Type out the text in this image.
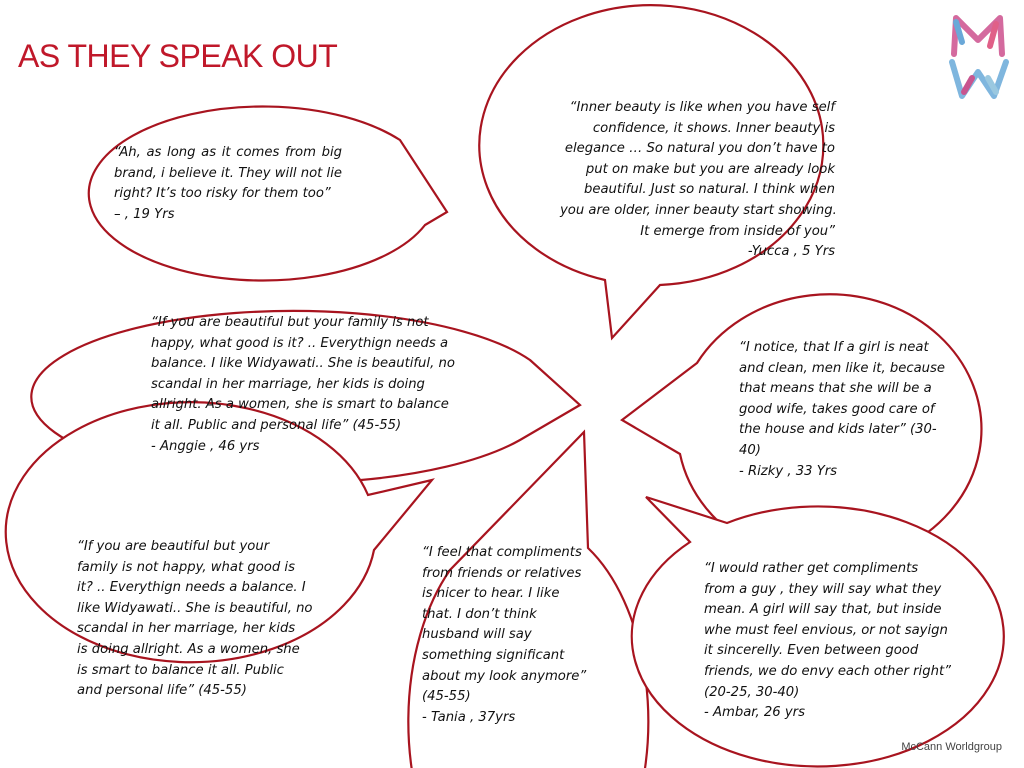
AS THEY SPEAK OUT
“Ah, as long as it comes from big
brand, i believe it. They will not lie
right? It’s too risky for them too”
– , 19 Yrs
“Inner beauty is like when you have self
confidence, it shows. Inner beauty is
elegance … So natural you don’t have to
put on make but you are already look
beautiful. Just so natural. I think when
you are older, inner beauty start showing.
It emerge from inside of you”
-Yucca , 5 Yrs
“If you are beautiful but your family is not
happy, what good is it? .. Everythign needs a
balance. I like Widyawati.. She is beautiful, no
scandal in her marriage, her kids is doing
allright. As a women, she is smart to balance
it all. Public and personal life” (45-55)
- Anggie , 46 yrs
“I notice, that If a girl is neat
and clean, men like it, because
that means that she will be a
good wife, takes good care of
the house and kids later” (30-
40)
- Rizky , 33 Yrs
“If you are beautiful but your
family is not happy, what good is
it? .. Everythign needs a balance. I
like Widyawati.. She is beautiful, no
scandal in her marriage, her kids
is doing allright. As a women, she
is smart to balance it all. Public
and personal life” (45-55)
“I feel that compliments
from friends or relatives
is nicer to hear. I like
that. I don’t think
husband will say
something significant
about my look anymore”
(45-55)
- Tania , 37yrs
“I would rather get compliments
from a guy , they will say what they
mean. A girl will say that, but inside
whe must feel envious, or not sayign
it sincerelly. Even between good
friends, we do envy each other right”
(20-25, 30-40)
- Ambar, 26 yrs
McCann Worldgroup
